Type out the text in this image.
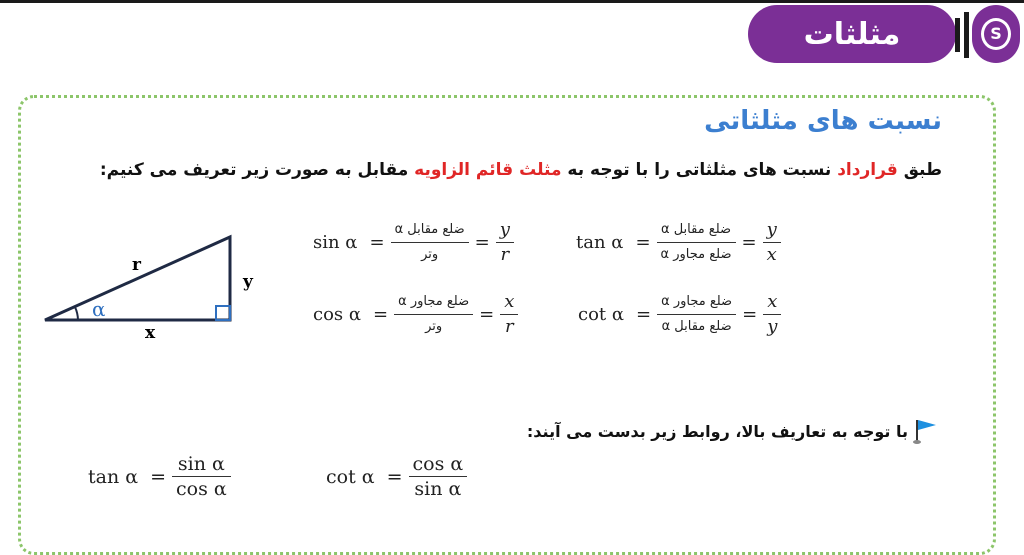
مثلثات	S
نسبت های مثلثاتی
طبق قرارداد نسبت های مثلثاتی را با توجه به مثلث قائم الزاویه مقابل به صورت زیر تعریف می کنیم:
r
y
x
α
$\sin \alpha = \frac{\text{ضلع مقابل α}}{\text{وتر}} = \frac{y}{r}$
$\cos \alpha = \frac{\text{ضلع مجاور α}}{\text{وتر}} = \frac{x}{r}$
$\tan \alpha = \frac{\text{ضلع مقابل α}}{\text{ضلع مجاور α}} = \frac{y}{x}$
$\cot \alpha = \frac{\text{ضلع مجاور α}}{\text{ضلع مقابل α}} = \frac{x}{y}$
با توجه به تعاریف بالا، روابط زیر بدست می آیند:
$\tan \alpha = \frac{\text{sin α}}{\text{cos α}}$	$\cot \alpha = \frac{\text{cos α}}{\text{sin α}}$
